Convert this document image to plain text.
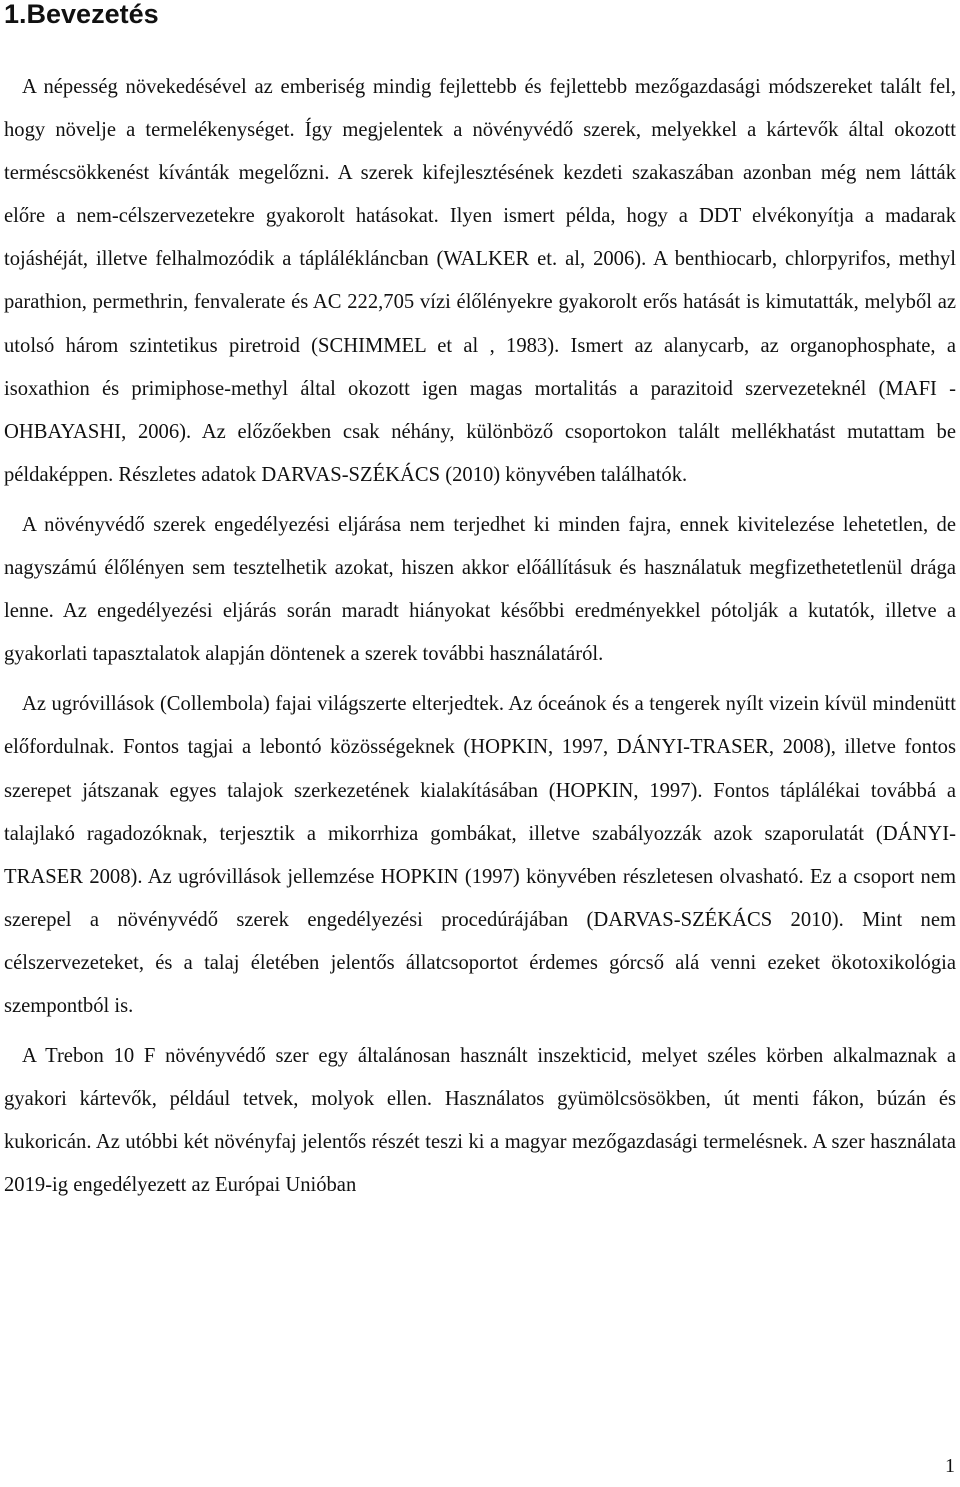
1.Bevezetés

A népesség növekedésével az emberiség mindig fejlettebb és fejlettebb mezőgazdasági módszereket talált fel, hogy növelje a termelékenységet. Így megjelentek a növényvédő szerek, melyekkel a kártevők által okozott terméscsökkenést kívánták megelőzni. A szerek kifejlesztésének kezdeti szakaszában azonban még nem látták előre a nem-célszervezetekre gyakorolt hatásokat. Ilyen ismert példa, hogy a DDT elvékonyítja a madarak tojáshéját, illetve felhalmozódik a táplálékláncban (WALKER et. al, 2006). A benthiocarb, chlorpyrifos, methyl parathion, permethrin, fenvalerate és AC 222,705 vízi élőlényekre gyakorolt erős hatását is kimutatták, melyből az utolsó három szintetikus piretroid (SCHIMMEL et al , 1983). Ismert az alanycarb, az organophosphate, a isoxathion és primiphose-methyl által okozott igen magas mortalitás a parazitoid szervezeteknél (MAFI - OHBAYASHI, 2006). Az előzőekben csak néhány, különböző csoportokon talált mellékhatást mutattam be példaképpen. Részletes adatok DARVAS-SZÉKÁCS (2010) könyvében találhatók.

A növényvédő szerek engedélyezési eljárása nem terjedhet ki minden fajra, ennek kivitelezése lehetetlen, de nagyszámú élőlényen sem tesztelhetik azokat, hiszen akkor előállításuk és használatuk megfizethetetlenül drága lenne. Az engedélyezési eljárás során maradt hiányokat későbbi eredményekkel pótolják a kutatók, illetve a gyakorlati tapasztalatok alapján döntenek a szerek további használatáról.

Az ugróvillások (Collembola) fajai világszerte elterjedtek. Az óceánok és a tengerek nyílt vizein kívül mindenütt előfordulnak. Fontos tagjai a lebontó közösségeknek (HOPKIN, 1997, DÁNYI-TRASER, 2008), illetve fontos szerepet játszanak egyes talajok szerkezetének kialakításában (HOPKIN, 1997). Fontos táplálékai továbbá a talajlakó ragadozóknak, terjesztik a mikorrhiza gombákat, illetve szabályozzák azok szaporulatát (DÁNYI-TRASER 2008). Az ugróvillások jellemzése HOPKIN (1997) könyvében részletesen olvasható. Ez a csoport nem szerepel a növényvédő szerek engedélyezési procedúrájában (DARVAS-SZÉKÁCS 2010). Mint nem célszervezeteket, és a talaj életében jelentős állatcsoportot érdemes górcső alá venni ezeket ökotoxikológia szempontból is.

A Trebon 10 F növényvédő szer egy általánosan használt inszekticid, melyet széles körben alkalmaznak a gyakori kártevők, például tetvek, molyok ellen. Használatos gyümölcsösökben, út menti fákon, búzán és kukoricán. Az utóbbi két növényfaj jelentős részét teszi ki a magyar mezőgazdasági termelésnek. A szer használata 2019-ig engedélyezett az Európai Unióban

1
